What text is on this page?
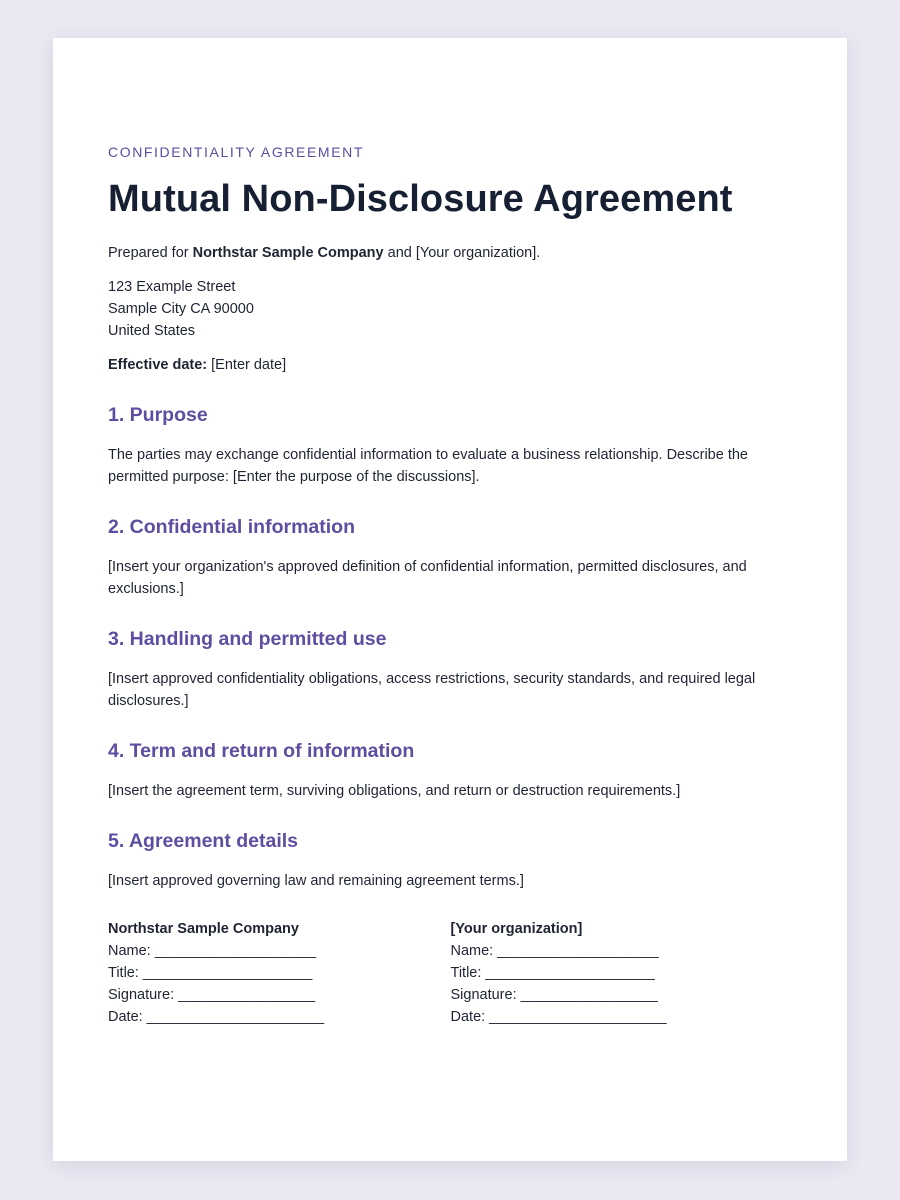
CONFIDENTIALITY AGREEMENT
Mutual Non-Disclosure Agreement

Prepared for Northstar Sample Company and [Your organization].

123 Example Street
Sample City CA 90000
United States

Effective date: [Enter date]

1. Purpose

The parties may exchange confidential information to evaluate a business relationship. Describe the permitted purpose: [Enter the purpose of the discussions].

2. Confidential information

[Insert your organization's approved definition of confidential information, permitted disclosures, and exclusions.]

3. Handling and permitted use

[Insert approved confidentiality obligations, access restrictions, security standards, and required legal disclosures.]

4. Term and return of information

[Insert the agreement term, surviving obligations, and return or destruction requirements.]

5. Agreement details

[Insert approved governing law and remaining agreement terms.]

Northstar Sample Company
Name: ____________________
Title: _____________________
Signature: _________________
Date: ______________________
[Your organization]
Name: ____________________
Title: _____________________
Signature: _________________
Date: ______________________
